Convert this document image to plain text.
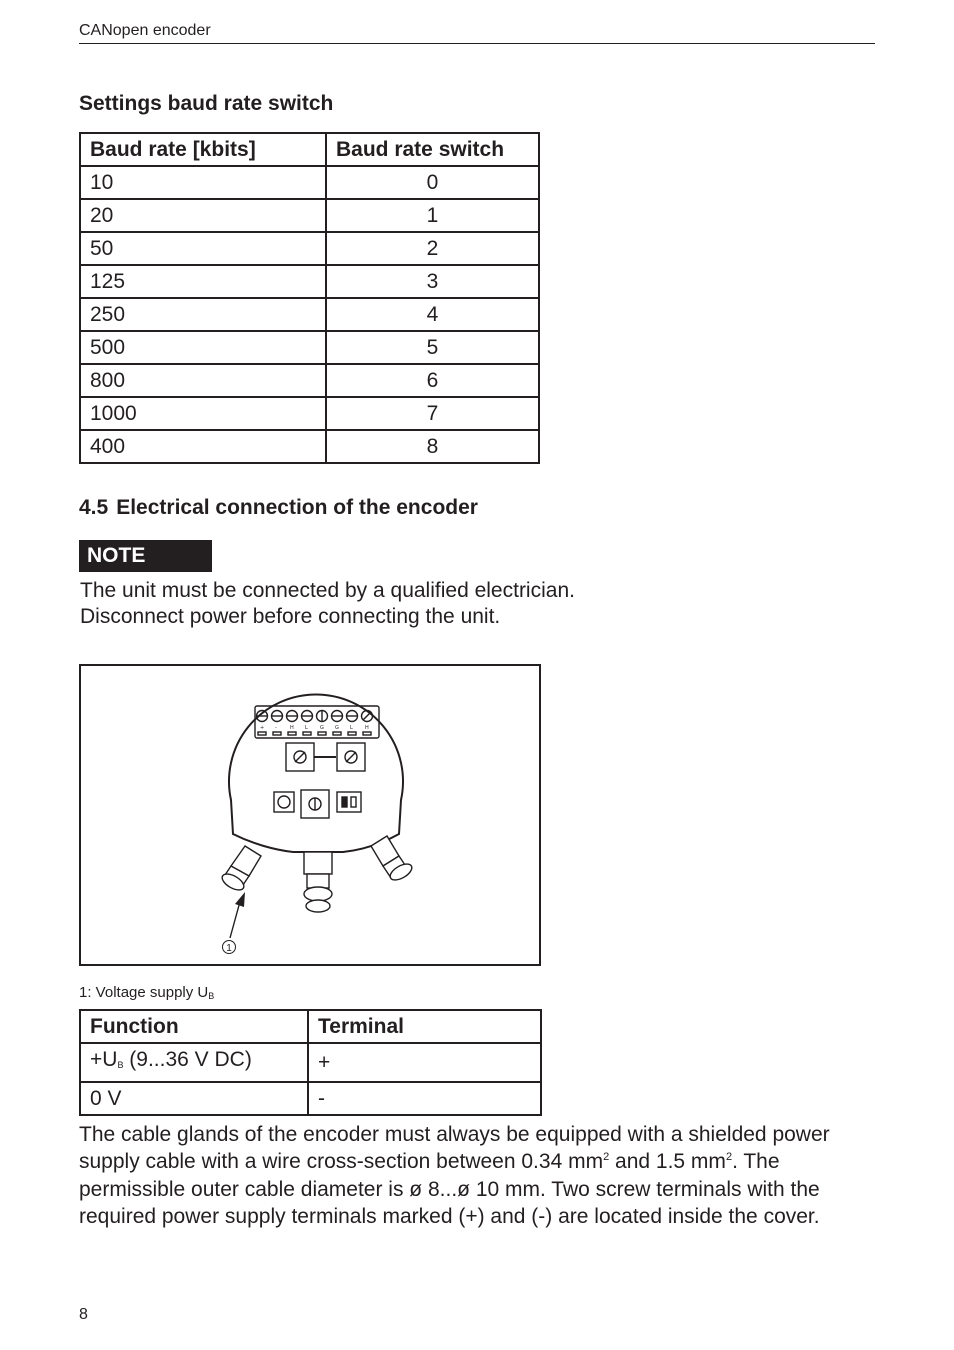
CANopen encoder
Settings baud rate switch
Baud rate [kbits]	Baud rate switch
10	0
20	1
50	2
125	3
250	4
500	5
800	6
1000	7
400	8
4.5 Electrical connection of the encoder
NOTE
The unit must be connected by a qualified electrician.
Disconnect power before connecting the unit.
+ -	H L	G
G	L H
1
1: Voltage supply $U_B$
Function	Terminal
$+U_B$ (9...36 V DC)	+
0 V	-
The cable glands of the encoder must always be equipped with a shielded power supply cable with a wire cross-section between 0.34 $mm^2$ and 1.5 $mm^2$. The permissible outer cable diameter is ø 8...ø 10 mm. Two screw terminals with the required power supply terminals marked (+) and (-) are located inside the cover.
8
